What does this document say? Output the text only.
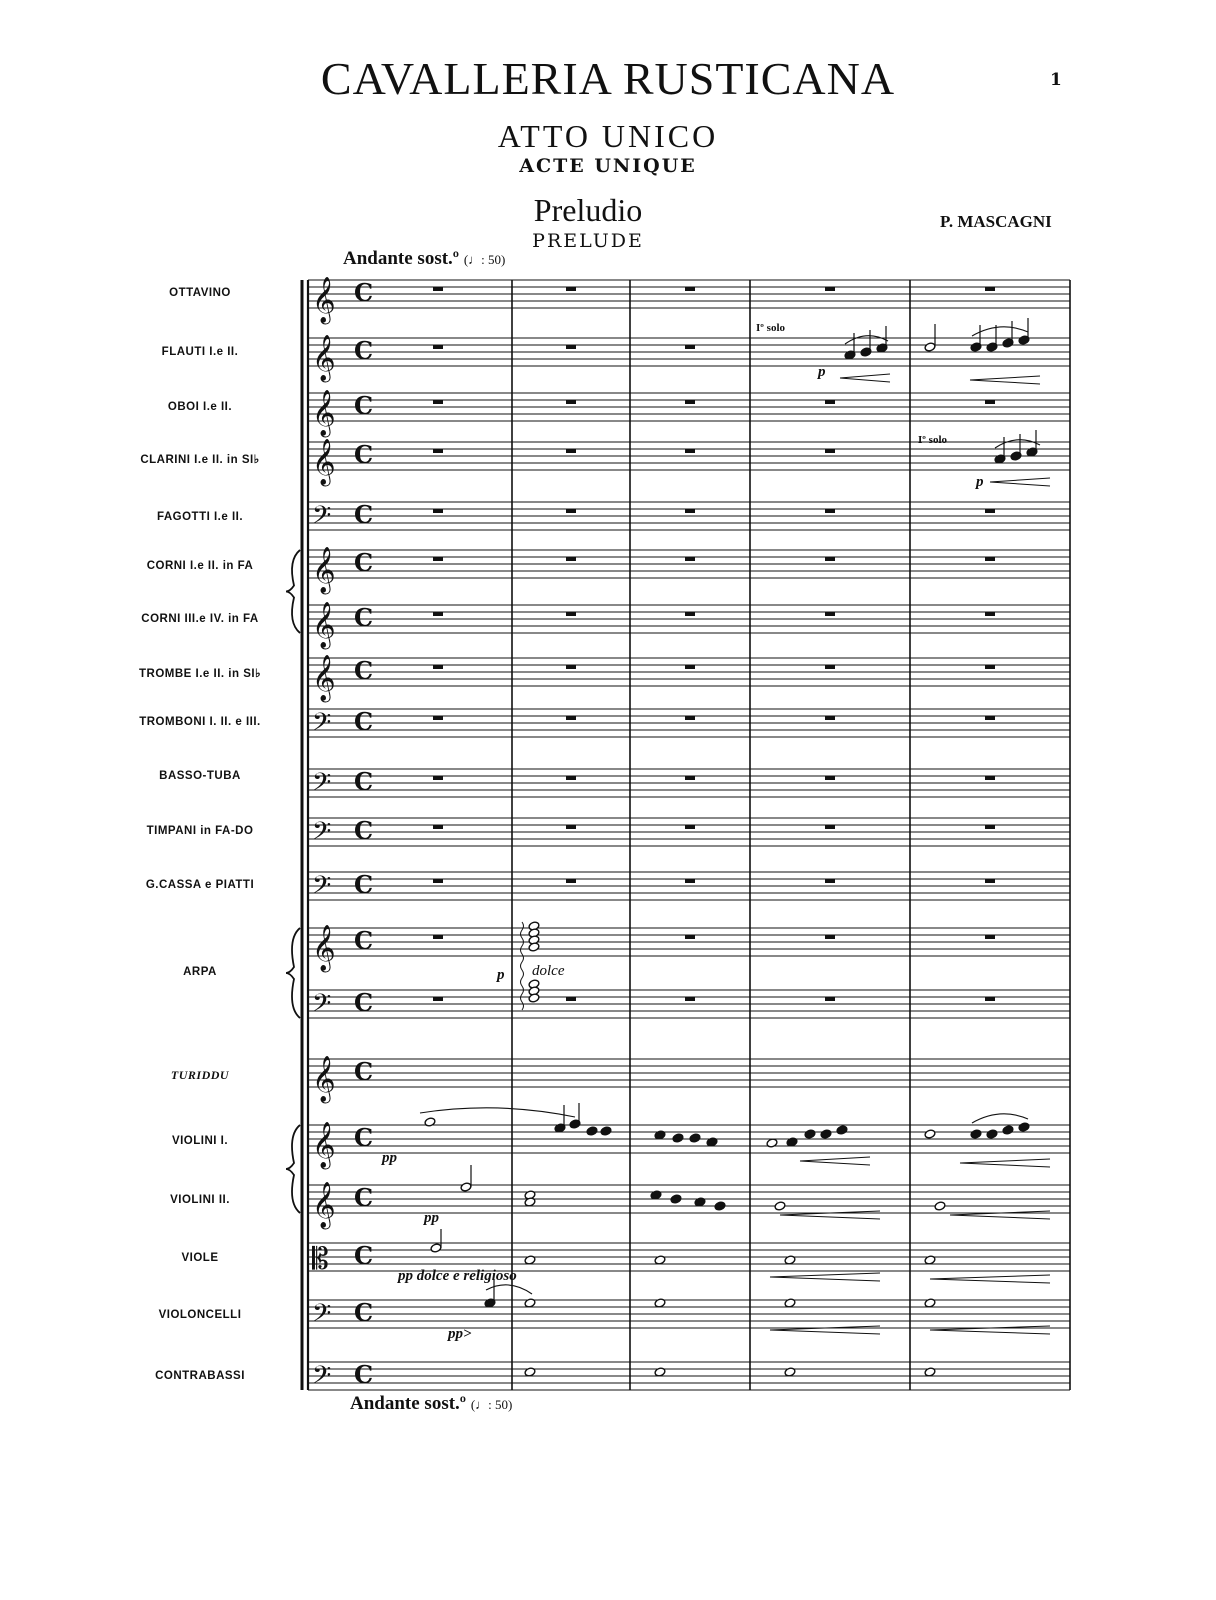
CAVALLERIA RUSTICANA
ATTO UNICO
ACTE UNIQUE
Preludio
PRELUDE
1
P. MASCAGNI
Andante sost.º (♩: 50)
Andante sost.º (♩: 50)
OTTAVINO
FLAUTI I.e II.
OBOI I.e II.
CLARINI I.e II. in SI♭
FAGOTTI I.e II.
CORNI I.e II. in FA
CORNI III.e IV. in FA
TROMBE I.e II. in SI♭
TROMBONI I. II. e III.
BASSO-TUBA
TIMPANI in FA-DO
G.CASSA e PIATTI
ARPA
TURIDDU
VIOLINI I.
VIOLINI II.
VIOLE
VIOLONCELLI
CONTRABASSI
𝄞 C
𝄞 C
𝄞 C
𝄞 C
𝄢 C
𝄞 C
𝄞 C
𝄞 C
𝄢 C
𝄢 C
𝄢 C
𝄢 C
𝄞 C
𝄢 C
𝄞 C
𝄞 C
𝄞 C
𝄡 C
𝄢 C
𝄢 C
Iº solo
p
Iº solo
p
p dolce
pp
pp
pp dolce e religioso
pp>
